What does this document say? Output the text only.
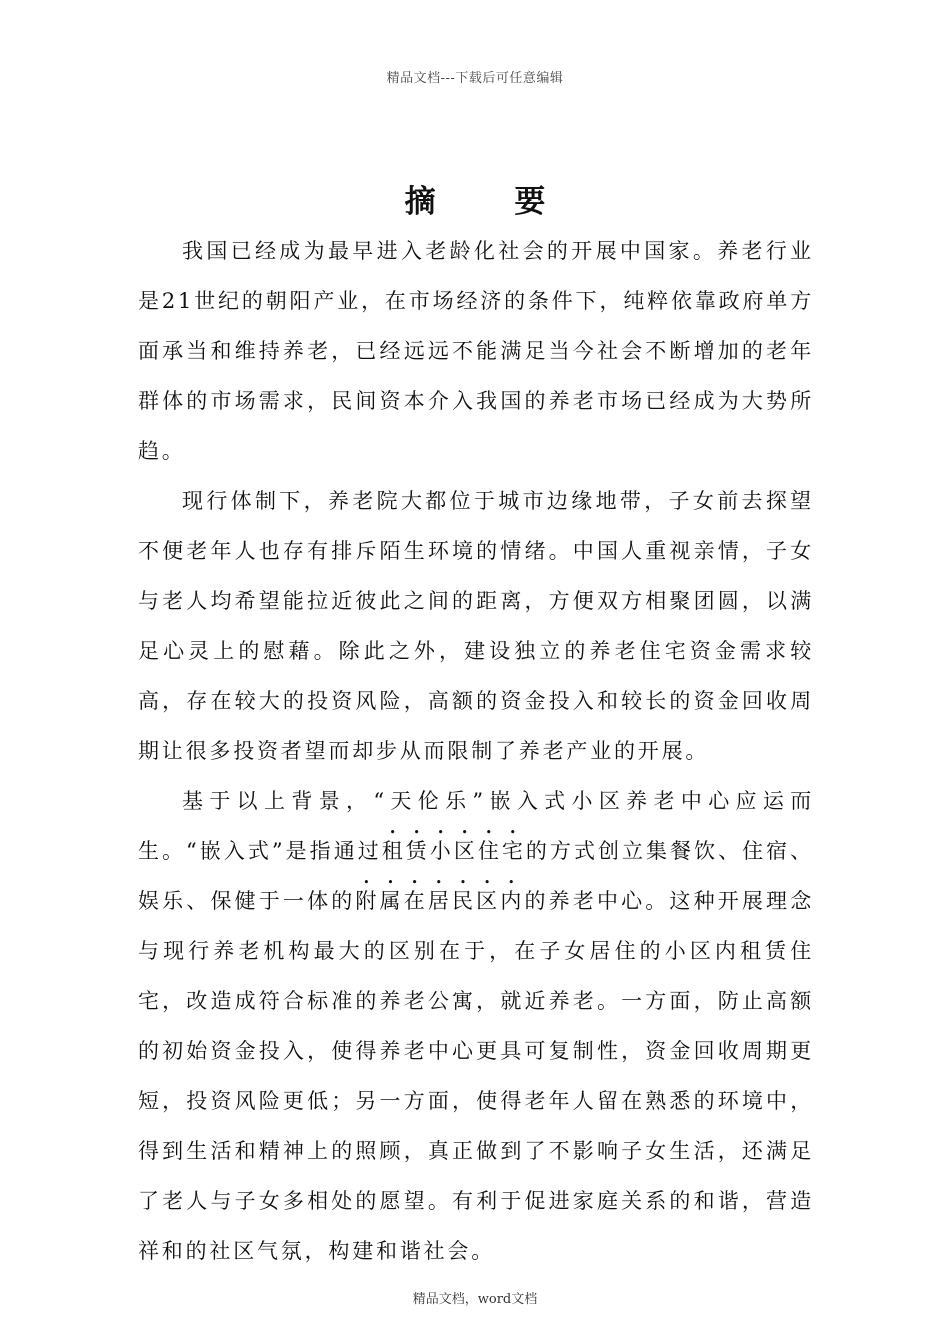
精品文档---下载后可任意编辑
摘 要

我国已经成为最早进入老龄化社会的开展中国家。养老行业是21世纪的朝阳产业，在市场经济的条件下，纯粹依靠政府单方面承当和维持养老，已经远远不能满足当今社会不断增加的老年群体的市场需求，民间资本介入我国的养老市场已经成为大势所趋。

现行体制下，养老院大都位于城市边缘地带，子女前去探望不便老年人也存有排斥陌生环境的情绪。中国人重视亲情，子女与老人均希望能拉近彼此之间的距离，方便双方相聚团圆，以满足心灵上的慰藉。除此之外，建设独立的养老住宅资金需求较高，存在较大的投资风险，高额的资金投入和较长的资金回收周期让很多投资者望而却步从而限制了养老产业的开展。

基于以上背景，“天伦乐”嵌入式小区养老中心应运而生。“嵌入式”是指通过租赁小区住宅的方式创立集餐饮、住宿、娱乐、保健于一体的附属在居民区内的养老中心。这种开展理念与现行养老机构最大的区别在于，在子女居住的小区内租赁住宅，改造成符合标准的养老公寓，就近养老。一方面，防止高额的初始资金投入，使得养老中心更具可复制性，资金回收周期更短，投资风险更低；另一方面，使得老年人留在熟悉的环境中，得到生活和精神上的照顾，真正做到了不影响子女生活，还满足了老人与子女多相处的愿望。有利于促进家庭关系的和谐，营造祥和的社区气氛，构建和谐社会。

精品文档，word文档
